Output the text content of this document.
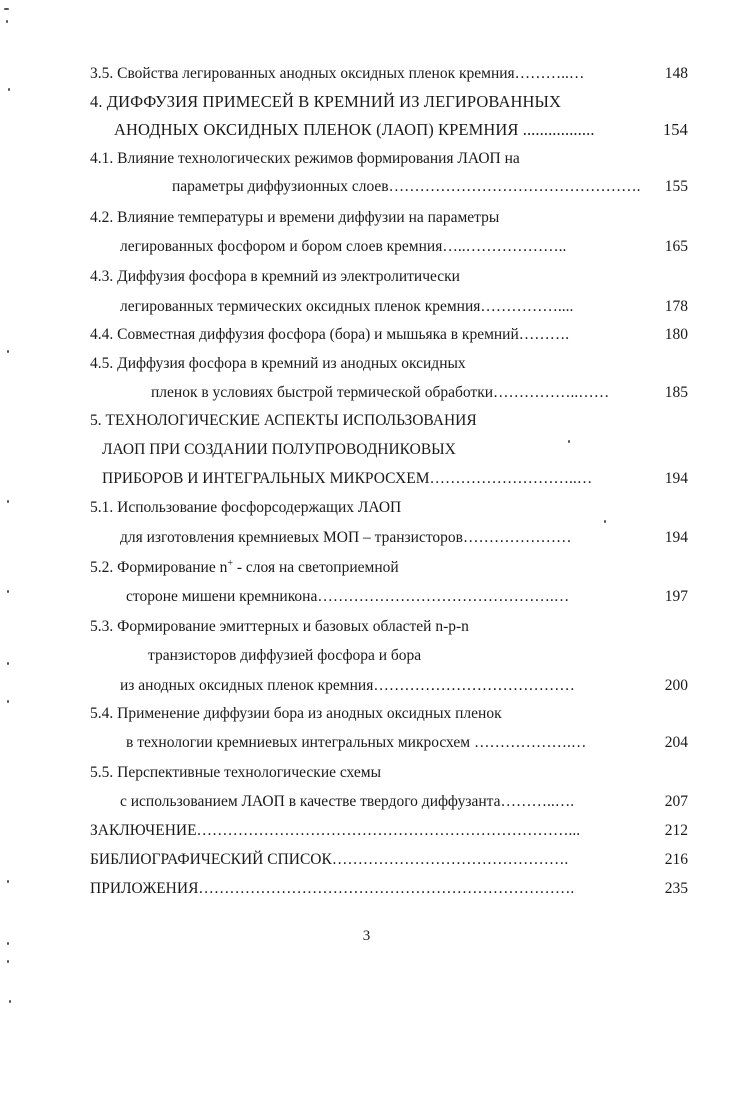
3.5. Свойства легированных анодных оксидных пленок кремния………..…	148
4. ДИФФУЗИЯ ПРИМЕСЕЙ В КРЕМНИЙ ИЗ ЛЕГИРОВАННЫХ
АНОДНЫХ ОКСИДНЫХ ПЛЕНОК (ЛАОП) КРЕМНИЯ .................	154
4.1. Влияние технологических режимов формирования ЛАОП на
параметры диффузионных слоев…………………………………………. 155
4.2. Влияние температуры и времени диффузии на параметры
легированных фосфором и бором слоев кремния…..………………..	165
4.3. Диффузия фосфора в кремний из электролитически
легированных термических оксидных пленок кремния……………....	178
4.4. Совместная диффузия фосфора (бора) и мышьяка в кремний……….	180
4.5. Диффузия фосфора в кремний из анодных оксидных
пленок в условиях быстрой термической обработки……………..……	185
5. ТЕХНОЛОГИЧЕСКИЕ АСПЕКТЫ ИСПОЛЬЗОВАНИЯ
ЛАОП ПРИ СОЗДАНИИ ПОЛУПРОВОДНИКОВЫХ
ПРИБОРОВ И ИНТЕГРАЛЬНЫХ МИКРОСХЕМ………………………..…	194
5.1. Использование фосфорсодержащих ЛАОП
для изготовления кремниевых МОП – транзисторов…………………	194
5.2. Формирование n+ - слоя на светоприемной
стороне мишени кремникона……………………………………….…	197
5.3. Формирование эмиттерных и базовых областей n-p-n
транзисторов диффузией фосфора и бора
из анодных оксидных пленок кремния…………………………………	200
5.4. Применение диффузии бора из анодных оксидных пленок
в технологии кремниевых интегральных микросхем ……………….…	204
5.5. Перспективные технологические схемы
с использованием ЛАОП в качестве твердого диффузанта………..….	207
ЗАКЛЮЧЕНИЕ………………………………………………………………...	212
БИБЛИОГРАФИЧЕСКИЙ СПИСОК……………………………………….	216
ПРИЛОЖЕНИЯ……………………………………………………………….	235
3
